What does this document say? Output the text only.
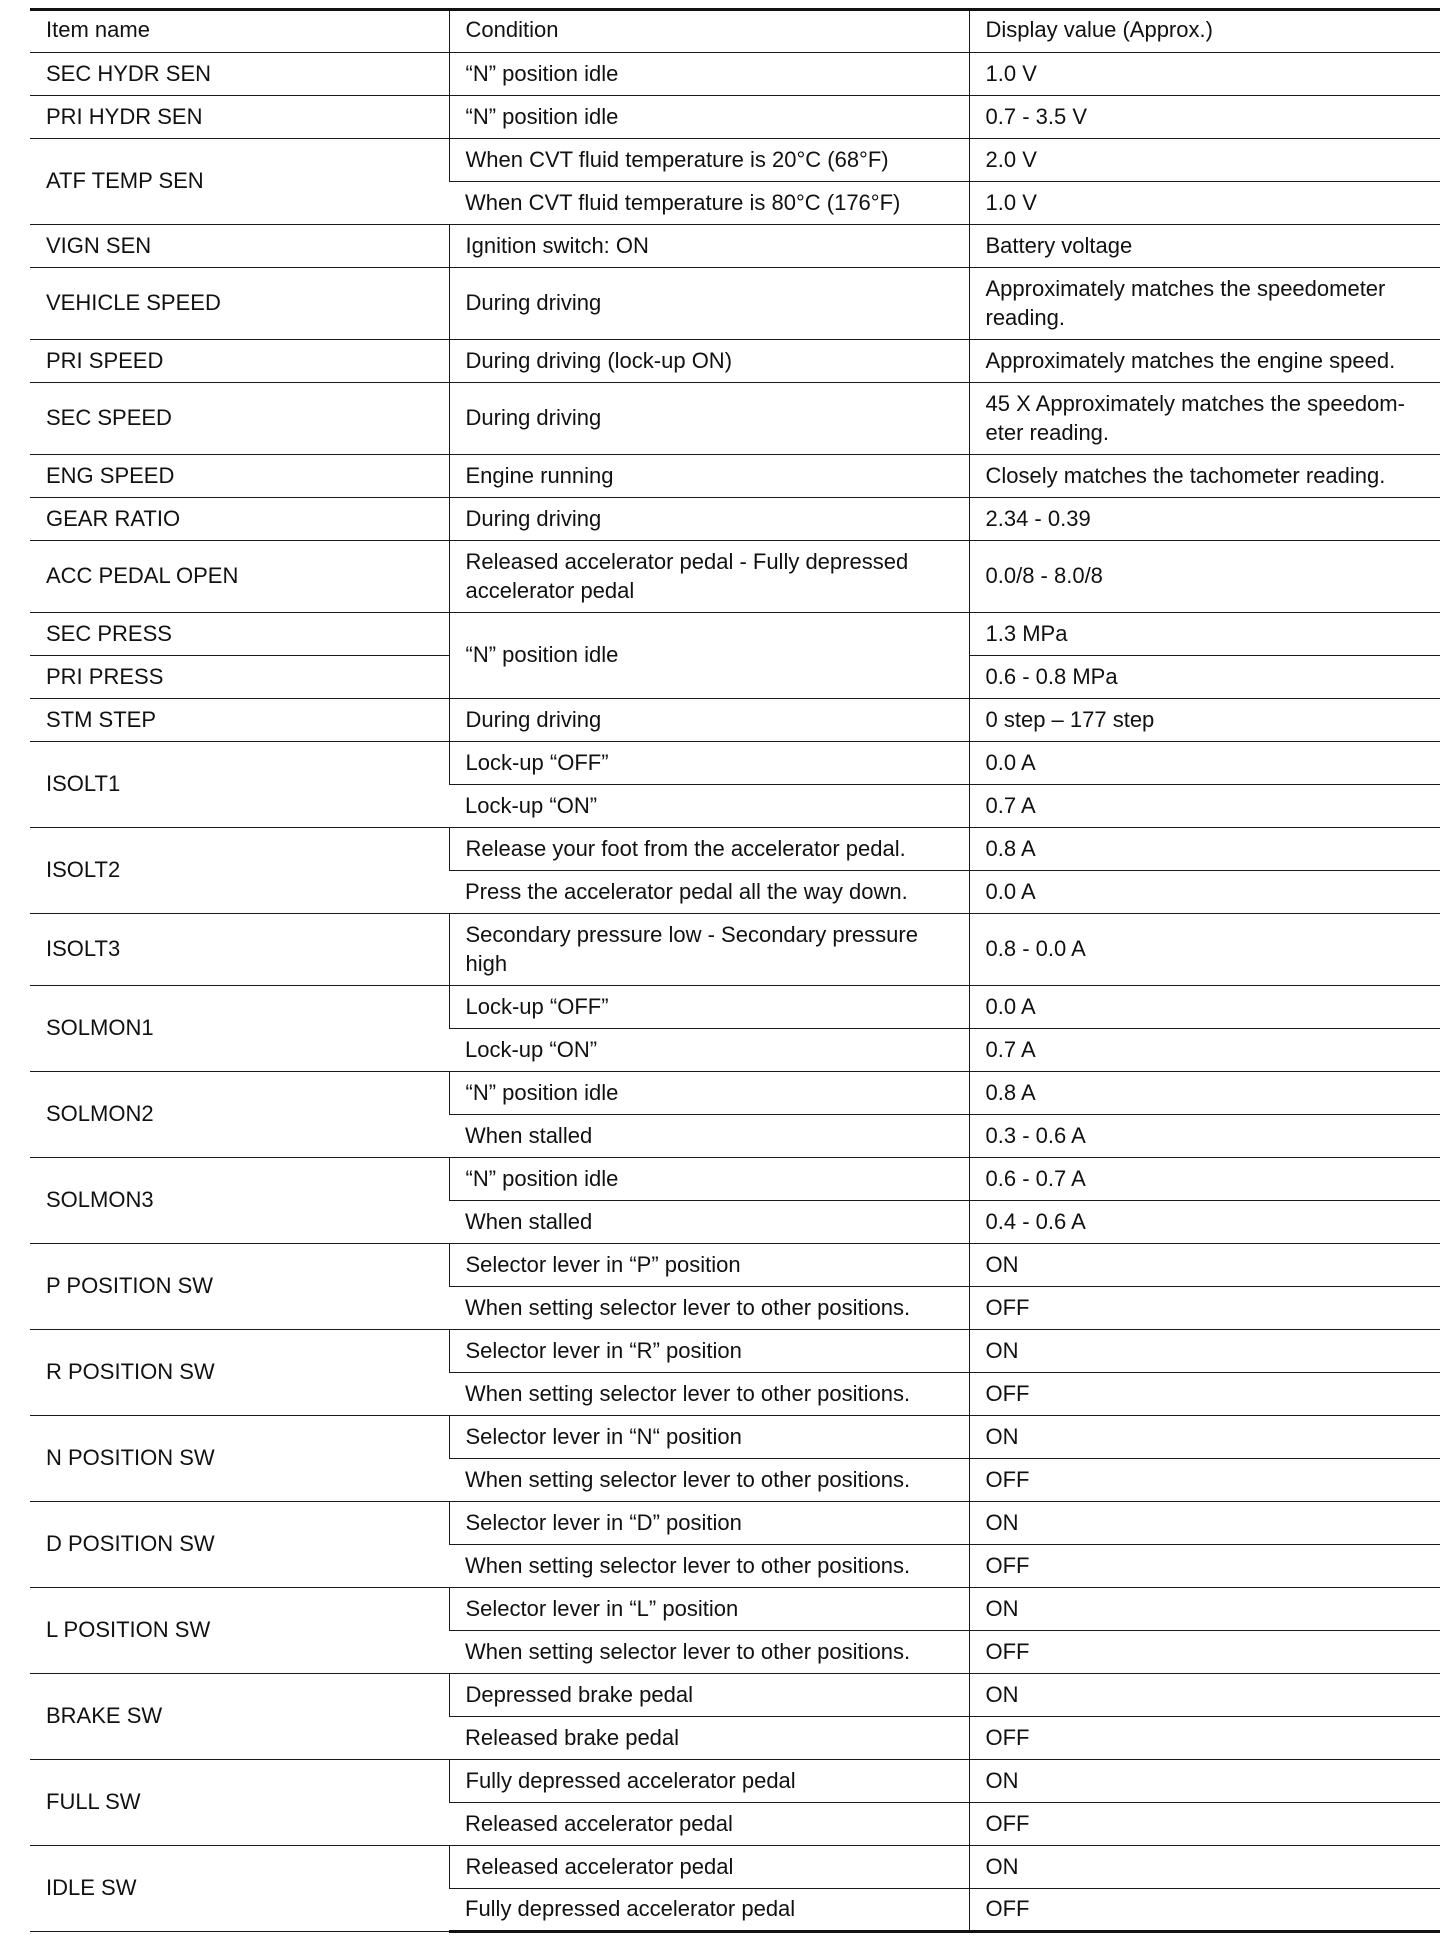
Item name	Condition	Display value (Approx.)
SEC HYDR SEN	“N” position idle	1.0 V
PRI HYDR SEN	“N” position idle	0.7 - 3.5 V
ATF TEMP SEN	When CVT fluid temperature is 20°C (68°F)	2.0 V
	When CVT fluid temperature is 80°C (176°F)	1.0 V
VIGN SEN	Ignition switch: ON	Battery voltage
VEHICLE SPEED	During driving	Approximately matches the speedometer reading.
PRI SPEED	During driving (lock-up ON)	Approximately matches the engine speed.
SEC SPEED	During driving	45 X Approximately matches the speedom-eter reading.
ENG SPEED	Engine running	Closely matches the tachometer reading.
GEAR RATIO	During driving	2.34 - 0.39
ACC PEDAL OPEN	Released accelerator pedal - Fully depressed accelerator pedal	0.0/8 - 8.0/8
SEC PRESS	“N” position idle	1.3 MPa
PRI PRESS		0.6 - 0.8 MPa
STM STEP	During driving	0 step – 177 step
ISOLT1	Lock-up “OFF”	0.0 A
	Lock-up “ON”	0.7 A
ISOLT2	Release your foot from the accelerator pedal.	0.8 A
	Press the accelerator pedal all the way down.	0.0 A
ISOLT3	Secondary pressure low - Secondary pressure high	0.8 - 0.0 A
SOLMON1	Lock-up “OFF”	0.0 A
	Lock-up “ON”	0.7 A
SOLMON2	“N” position idle	0.8 A
	When stalled	0.3 - 0.6 A
SOLMON3	“N” position idle	0.6 - 0.7 A
	When stalled	0.4 - 0.6 A
P POSITION SW	Selector lever in “P” position	ON
	When setting selector lever to other positions.	OFF
R POSITION SW	Selector lever in “R” position	ON
	When setting selector lever to other positions.	OFF
N POSITION SW	Selector lever in “N“ position	ON
	When setting selector lever to other positions.	OFF
D POSITION SW	Selector lever in “D” position	ON
	When setting selector lever to other positions.	OFF
L POSITION SW	Selector lever in “L” position	ON
	When setting selector lever to other positions.	OFF
BRAKE SW	Depressed brake pedal	ON
	Released brake pedal	OFF
FULL SW	Fully depressed accelerator pedal	ON
	Released accelerator pedal	OFF
IDLE SW	Released accelerator pedal	ON
	Fully depressed accelerator pedal	OFF
